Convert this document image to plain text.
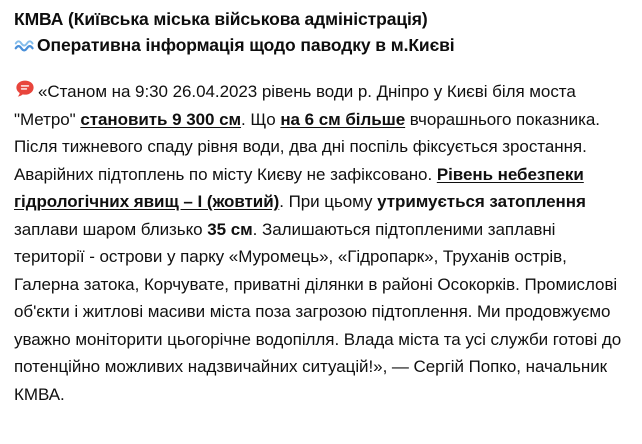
КМВА (Київська міська військова адміністрація)
Оперативна інформація щодо паводку в м.Києві

«Станом на 9:30 26.04.2023 рівень води р. Дніпро у Києві біля моста "Метро" становить 9 300 см. Що на 6 см більше вчорашнього показника. Після тижневого спаду рівня води, два дні поспіль фіксується зростання. Аварійних підтоплень по місту Києву не зафіксовано. Рівень небезпеки гідрологічних явищ – I (жовтий). При цьому утримується затоплення заплави шаром близько 35 см. Залишаються підтопленими заплавні території - острови у парку «Муромець», «Гідропарк», Труханів острів, Галерна затока, Корчувате, приватні ділянки в районі Осокорків. Промислові об'єкти і житлові масиви міста поза загрозою підтоплення. Ми продовжуємо уважно моніторити цьогорічне водопілля. Влада міста та усі служби готові до потенційно можливих надзвичайних ситуацій!», — Сергій Попко, начальник КМВА.
